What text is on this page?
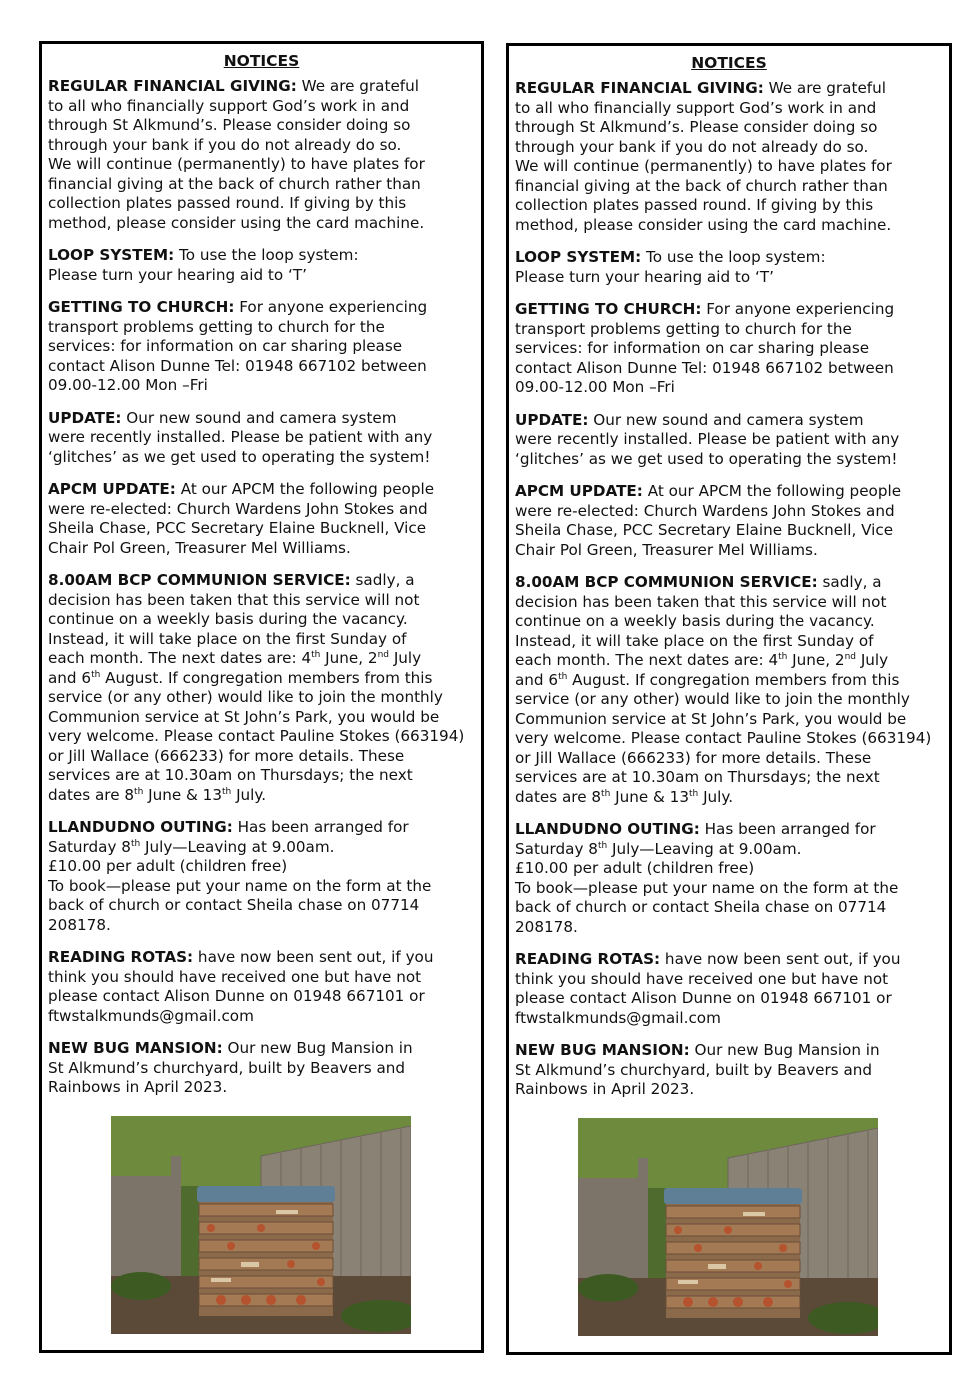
NOTICES
REGULAR FINANCIAL GIVING: We are grateful
to all who financially support God’s work in and
through St Alkmund’s. Please consider doing so
through your bank if you do not already do so.
We will continue (permanently) to have plates for
financial giving at the back of church rather than
collection plates passed round. If giving by this
method, please consider using the card machine.
LOOP SYSTEM: To use the loop system:
Please turn your hearing aid to ‘T’
GETTING TO CHURCH: For anyone experiencing
transport problems getting to church for the
services: for information on car sharing please
contact Alison Dunne Tel: 01948 667102 between
09.00-12.00 Mon –Fri
UPDATE: Our new sound and camera system
were recently installed. Please be patient with any
‘glitches’ as we get used to operating the system!
APCM UPDATE: At our APCM the following people
were re-elected: Church Wardens John Stokes and
Sheila Chase, PCC Secretary Elaine Bucknell, Vice
Chair Pol Green, Treasurer Mel Williams.
8.00AM BCP COMMUNION SERVICE: sadly, a
decision has been taken that this service will not
continue on a weekly basis during the vacancy.
Instead, it will take place on the first Sunday of
each month. The next dates are: 4th June, 2nd July
and 6th August. If congregation members from this
service (or any other) would like to join the monthly
Communion service at St John’s Park, you would be
very welcome. Please contact Pauline Stokes (663194)
or Jill Wallace (666233) for more details. These
services are at 10.30am on Thursdays; the next
dates are 8th June & 13th July.
LLANDUDNO OUTING: Has been arranged for
Saturday 8th July—Leaving at 9.00am.
£10.00 per adult (children free)
To book—please put your name on the form at the
back of church or contact Sheila chase on 07714
208178.
READING ROTAS: have now been sent out, if you
think you should have received one but have not
please contact Alison Dunne on 01948 667101 or
ftwstalkmunds@gmail.com
NEW BUG MANSION: Our new Bug Mansion in
St Alkmund’s churchyard, built by Beavers and
Rainbows in April 2023.
NOTICES
REGULAR FINANCIAL GIVING: We are grateful
to all who financially support God’s work in and
through St Alkmund’s. Please consider doing so
through your bank if you do not already do so.
We will continue (permanently) to have plates for
financial giving at the back of church rather than
collection plates passed round. If giving by this
method, please consider using the card machine.
LOOP SYSTEM: To use the loop system:
Please turn your hearing aid to ‘T’
GETTING TO CHURCH: For anyone experiencing
transport problems getting to church for the
services: for information on car sharing please
contact Alison Dunne Tel: 01948 667102 between
09.00-12.00 Mon –Fri
UPDATE: Our new sound and camera system
were recently installed. Please be patient with any
‘glitches’ as we get used to operating the system!
APCM UPDATE: At our APCM the following people
were re-elected: Church Wardens John Stokes and
Sheila Chase, PCC Secretary Elaine Bucknell, Vice
Chair Pol Green, Treasurer Mel Williams.
8.00AM BCP COMMUNION SERVICE: sadly, a
decision has been taken that this service will not
continue on a weekly basis during the vacancy.
Instead, it will take place on the first Sunday of
each month. The next dates are: 4th June, 2nd July
and 6th August. If congregation members from this
service (or any other) would like to join the monthly
Communion service at St John’s Park, you would be
very welcome. Please contact Pauline Stokes (663194)
or Jill Wallace (666233) for more details. These
services are at 10.30am on Thursdays; the next
dates are 8th June & 13th July.
LLANDUDNO OUTING: Has been arranged for
Saturday 8th July—Leaving at 9.00am.
£10.00 per adult (children free)
To book—please put your name on the form at the
back of church or contact Sheila chase on 07714
208178.
READING ROTAS: have now been sent out, if you
think you should have received one but have not
please contact Alison Dunne on 01948 667101 or
ftwstalkmunds@gmail.com
NEW BUG MANSION: Our new Bug Mansion in
St Alkmund’s churchyard, built by Beavers and
Rainbows in April 2023.
